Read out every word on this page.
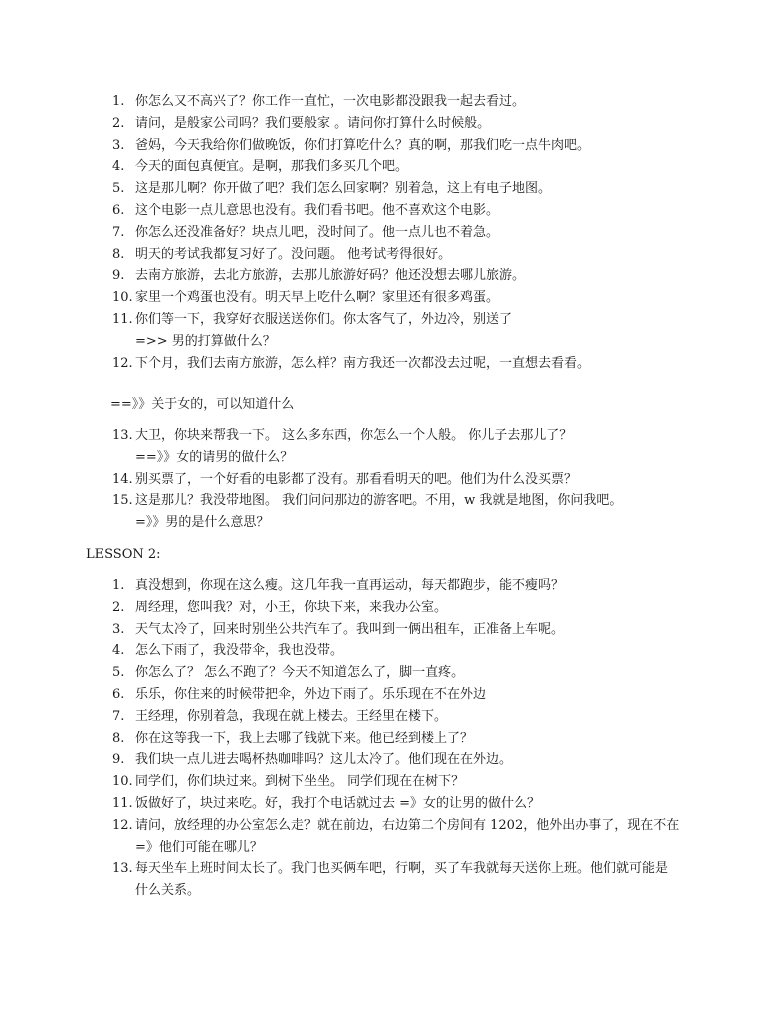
1. 你怎么又不高兴了？你工作一直忙，一次电影都没跟我一起去看过。
2. 请问，是般家公司吗？我们要般家 。请问你打算什么时候般。
3. 爸妈，今天我给你们做晚饭，你们打算吃什么？真的啊，那我们吃一点牛肉吧。
4. 今天的面包真便宜。是啊，那我们多买几个吧。
5. 这是那儿啊？你开做了吧？我们怎么回家啊？别着急，这上有电子地图。
6. 这个电影一点儿意思也没有。我们看书吧。他不喜欢这个电影。
7. 你怎么还没准备好？块点儿吧，没时间了。他一点儿也不着急。
8. 明天的考试我都复习好了。没问题。 他考试考得很好。
9. 去南方旅游，去北方旅游，去那儿旅游好码？他还没想去哪儿旅游。
10. 家里一个鸡蛋也没有。明天早上吃什么啊？家里还有很多鸡蛋。
11. 你们等一下，我穿好衣服送送你们。你太客气了，外边冷，别送了
=>> 男的打算做什么？
12. 下个月，我们去南方旅游，怎么样？南方我还一次都没去过呢，一直想去看看。
==》》关于女的，可以知道什么
13. 大卫，你块来帮我一下。 这么多东西，你怎么一个人般。 你儿子去那儿了？
==》》女的请男的做什么？
14. 别买票了，一个好看的电影都了没有。那看看明天的吧。他们为什么没买票？
15. 这是那儿？我没带地图。 我们问问那边的游客吧。不用，w 我就是地图，你问我吧。
=》》男的是什么意思？
LESSON 2:
1. 真没想到，你现在这么瘦。这几年我一直再运动，每天都跑步，能不瘦吗？
2. 周经理，您叫我？对，小王，你块下来，来我办公室。
3. 天气太冷了，回来时别坐公共汽车了。我叫到一俩出租车，正准备上车呢。
4. 怎么下雨了，我没带伞，我也没带。
5. 你怎么了？ 怎么不跑了？今天不知道怎么了，脚一直疼。
6. 乐乐，你住来的时候带把伞，外边下雨了。乐乐现在不在外边
7. 王经理，你别着急，我现在就上楼去。王经里在楼下。
8. 你在这等我一下，我上去哪了钱就下来。他已经到楼上了？
9. 我们块一点儿进去喝杯热咖啡吗？这儿太冷了。他们现在在外边。
10. 同学们，你们块过来。到树下坐坐。 同学们现在在树下？
11. 饭做好了，块过来吃。好，我打个电话就过去 =》女的让男的做什么？
12. 请问，放经理的办公室怎么走？就在前边，右边第二个房间有 1202，他外出办事了，现在不在=》他们可能在哪儿？
13. 每天坐车上班时间太长了。我门也买俩车吧，行啊，买了车我就每天送你上班。他们就可能是什么关系。
